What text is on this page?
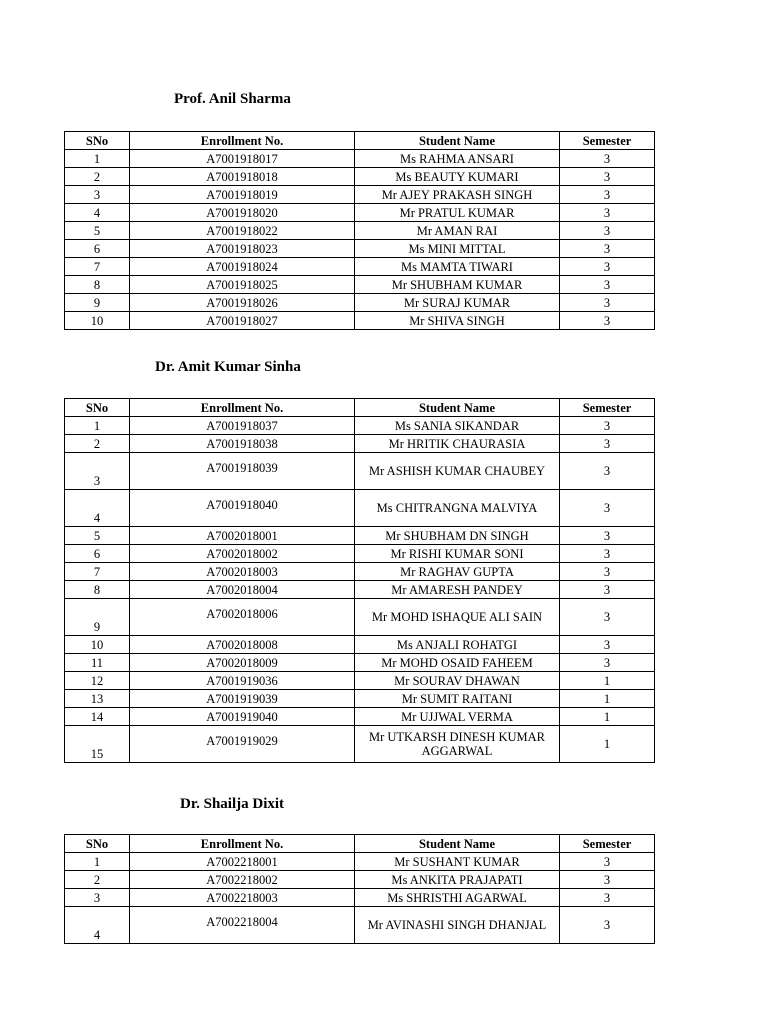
Prof. Anil Sharma
SNo	Enrollment No.	Student Name	Semester
1	A7001918017	Ms RAHMA ANSARI	3
2	A7001918018	Ms BEAUTY KUMARI	3
3	A7001918019	Mr AJEY PRAKASH SINGH	3
4	A7001918020	Mr PRATUL KUMAR	3
5	A7001918022	Mr AMAN RAI	3
6	A7001918023	Ms MINI MITTAL	3
7	A7001918024	Ms MAMTA TIWARI	3
8	A7001918025	Mr SHUBHAM KUMAR	3
9	A7001918026	Mr SURAJ KUMAR	3
10	A7001918027	Mr SHIVA SINGH	3
Dr. Amit Kumar Sinha
SNo	Enrollment No.	Student Name	Semester
1	A7001918037	Ms SANIA SIKANDAR	3
2	A7001918038	Mr HRITIK CHAURASIA	3
3	A7001918039	Mr ASHISH KUMAR CHAUBEY	3
4	A7001918040	Ms CHITRANGNA MALVIYA	3
5	A7002018001	Mr SHUBHAM DN SINGH	3
6	A7002018002	Mr RISHI KUMAR SONI	3
7	A7002018003	Mr RAGHAV GUPTA	3
8	A7002018004	Mr AMARESH PANDEY	3
9	A7002018006	Mr MOHD ISHAQUE ALI SAIN	3
10	A7002018008	Ms ANJALI ROHATGI	3
11	A7002018009	Mr MOHD OSAID FAHEEM	3
12	A7001919036	Mr SOURAV DHAWAN	1
13	A7001919039	Mr SUMIT RAITANI	1
14	A7001919040	Mr UJJWAL VERMA	1
15	A7001919029	Mr UTKARSH DINESH KUMAR AGGARWAL	1
Dr. Shailja Dixit
SNo	Enrollment No.	Student Name	Semester
1	A7002218001	Mr SUSHANT KUMAR	3
2	A7002218002	Ms ANKITA PRAJAPATI	3
3	A7002218003	Ms SHRISTHI AGARWAL	3
4	A7002218004	Mr AVINASHI SINGH DHANJAL	3
